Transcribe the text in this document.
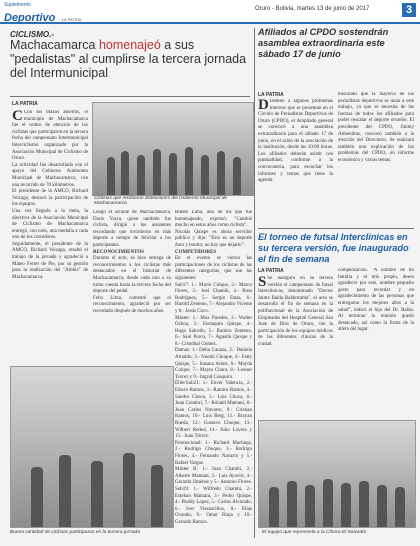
Suplemento
Deportivo LA PATRIA
Oruro - Bolivia, martes 13 de junio de 2017	3
CICLISMO.-
Machacamarca homenajeó a sus "pedalistas" al cumplirse la tercera jornada del Intermunicipal
LA PATRIA
C Con los brazos abiertos, el municipio de Machacamarca fue el centro de atención de los ciclistas que participaron en la tercera fecha del campeonato Intermunicipal Interciclismo organizado por la Asociación Municipal de Ciclismo de Oruro.
La actividad fue desarrollada con el apoyo del Gobierno Autónomo Municipal de Machacamarca, con una recorrido de 70 kilómetros.
El presidente de la AMCO, Richard Veizaga, destacó la participación de los equipos.
Una vez llegado a la meta, la directiva de la Asociación Municipal de Ciclismo de Machacamarca entregó, con todo, una medalla a cada uno de los corredores.
Seguidamente, el presidente de la AMCO, Richard Veizaga, resaltó el trabajo de la jornada y agradeció a Mateo Ferrer de Pie, por su gestión para la realización del "Ambis" de Machacamarca.
Ciclistas que recibieron distinciones del Gobierno Municipal de Machacamarca
Luego el alcalde de Machacamarca, Dario Yucra, quien también fue ciclista, dirigió a los asistentes recordando que invirtieron en más deporte a tiempo de felicitar a los participantes.
RECONOCIMIENTOS
Durante el acto, se hizo entrega de reconocimientos a los ciclistas más destacados en el historial de Machacamarca, desde cada uno a su turno cuenta hasta la tercera fecha del deporte del pedal.
Felix Lima, comentó que el reconocimiento, agradeció por ser recordado después de muchos años.
Rubén Lima, uno de los que fue homenajeado, expresó: "Cambié mucho en estos años como ciclista".
Nicolás Quispe es ahora servidor público y dijo: "Esto es un deporte duro y bonito; no hay que dejarlo".
COMPETIDORES
En el evento se vieron las participaciones de los ciclistas de las diferentes categorías, que son las siguientes:
Sub17: 1.- Mario Colque, 2.- Marco Flores, 3.- Joel Chambi, 4.- Ross Rodríguez, 5.- Sergio Daza, 6.- Harold Zenteno, 7.- Alejandro Vicente y 8.- Jesús Coco.
Máster: 1.- Max Paredes, 2.- Walter Ochoa, 3.- Eustaquio Quispe, 4.- Hugo Salcedo, 5.- Ramiro Zenteno, 6.- Saul Porco, 7.- Agustín Quispe y 8.- Cristóbal Gomez.
Damas: 1.- Delia Canaza, 2.- Daniela Arnaldo, 3.- Naomi Chuque, 4.- Fatty Quispe, 5.- Susana Arnez, 6.- Mayda Colque, 7.- Mayra Chura, 8.- Leonor Tórrez y 9.- Ingrid Coaquira.
Élite/Sub21: 1.- Enver Valencia, 2.- Edwin Ramos, 3.- Ramiro Ramos, 4.- Sandro Choca, 5.- Luis Choca, 6.- Juan Condori, 7.- Rónald Mamani, 8.- Juan Carlos Navarro, 9.- Cristian Ramos, 10.- Luis Berg, 11.- Brayan Rueda, 12.- Gustavo Choque, 13.- Wilbert Reded, 14.- Julio Lovera y 15.- Juan Tórrez.
Promocional: 1.- Richard Machaqa, 2.- Rodrigo Choque, 3.- Rodrigo Flores, 4.- Fernando Navarro y 5.- Rafael Vargas.
Máster B: 1.- Juan Chambi, 2.- Alberto Mamani, 3.- Luis Ayaviri, 4.- Gerardo Jiménez y 5.- Antonio Flores.
Sub19: 1.- Wilfredo Chambi, 2.- Esteban Mamani, 3.- Pedro Quispe, 4.- Ruddy Lopez, 5.- Carlos Alvarado, 6.- Iver Vieraocillos, 8.- Elías Ovando, 9.- Omar Rioja y 10.- Gerardo Ramos.
Buena cantidad de ciclistas participaron en la tercera jornada
Afiliados al CPDO sostendrán asamblea extraordinaria este sábado 17 de junio
LA PATRIA
D Debido a algunos problemas internos que se presentan en el Círculo de Periodistas Deportivos de Oruro (CPDO), el Ampliado general se convocó a una asamblea extraordinaria para el sábado 17 de junio, en el salón de la asociación de la institución, desde las 10:00 horas. Los afiliados deberán asistir con puntualidad, conforme a la convocatoria, para escuchar los informes y temas que tiene la agenda.
buscando que la mayoría de los periodistas deportivos se unan a este trabajo, ya que se necesita de las fuerzas de todos los afiliados para poder rescatar el deporte orureño. El presidente del CPDO, Jimmy Almendras, convocó también a la elección del Directorio. Se realizará también una explicación de los problemas del CPDO, un informe económico y varios temas.
El torneo de futsal Interclínicas en su tercera versión, fue inaugurado el fin de semana
LA PATRIA
S Se inauguró en su tercera versión el campeonato de futsal Interclínicas, denominado "Doctor Jaime Balda Balderrama", el acto se desarrolló el fin de semana en la polifuncional de la Asociación de Empleados del Hospital General San Juan de Dios de Oruro, con la participación de los equipos médicos de las diferentes clínicas de la ciudad.
compensación. "A nombre de mi familia y el mío propio, deseo agradecer por este, nombre pequeño gesto para recordar y en agradecimiento de las personas que entregaron los mejores años a la salud", indicó el hijo del Dr. Balda. Al terminar la reunión quedó destacado, así como la firma de la atleta del lugar.
El equipo que representa a la Clínica El Salvador
